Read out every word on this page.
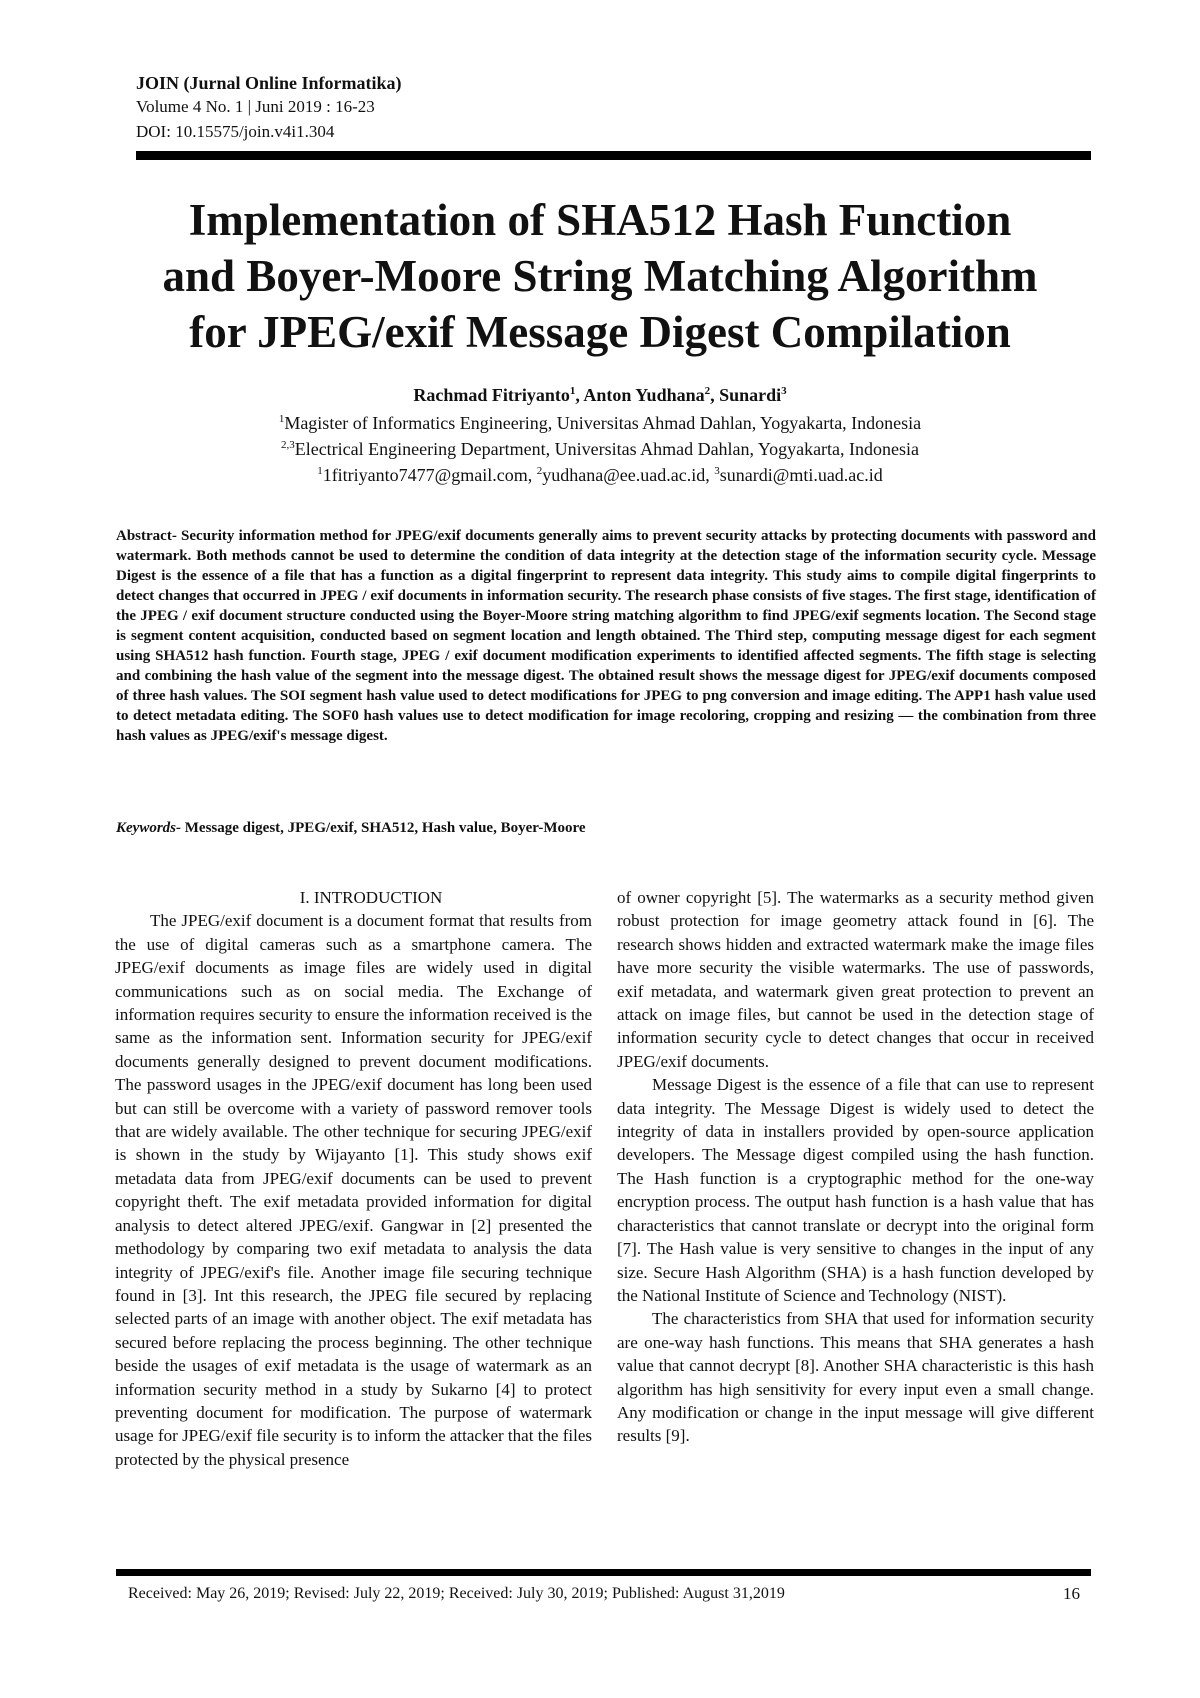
JOIN (Jurnal Online Informatika)
Volume 4 No. 1 | Juni 2019 : 16-23
DOI: 10.15575/join.v4i1.304
Implementation of SHA512 Hash Function
and Boyer-Moore String Matching Algorithm
for JPEG/exif Message Digest Compilation
Rachmad Fitriyanto$^1$, Anton Yudhana$^2$, Sunardi$^3$
$^1$Magister of Informatics Engineering, Universitas Ahmad Dahlan, Yogyakarta, Indonesia
$^{2,3}$Electrical Engineering Department, Universitas Ahmad Dahlan, Yogyakarta, Indonesia
$^1$1fitriyanto7477@gmail.com, $^2$yudhana@ee.uad.ac.id, $^3$sunardi@mti.uad.ac.id
Abstract- Security information method for JPEG/exif documents generally aims to prevent security attacks by protecting documents with password and watermark. Both methods cannot be used to determine the condition of data integrity at the detection stage of the information security cycle. Message Digest is the essence of a file that has a function as a digital fingerprint to represent data integrity. This study aims to compile digital fingerprints to detect changes that occurred in JPEG / exif documents in information security. The research phase consists of five stages. The first stage, identification of the JPEG / exif document structure conducted using the Boyer-Moore string matching algorithm to find JPEG/exif segments location. The Second stage is segment content acquisition, conducted based on segment location and length obtained. The Third step, computing message digest for each segment using SHA512 hash function. Fourth stage, JPEG / exif document modification experiments to identified affected segments. The fifth stage is selecting and combining the hash value of the segment into the message digest. The obtained result shows the message digest for JPEG/exif documents composed of three hash values. The SOI segment hash value used to detect modifications for JPEG to png conversion and image editing. The APP1 hash value used to detect metadata editing. The SOF0 hash values use to detect modification for image recoloring, cropping and resizing — the combination from three hash values as JPEG/exif's message digest.
Keywords- Message digest, JPEG/exif, SHA512, Hash value, Boyer-Moore

I. INTRODUCTION

The JPEG/exif document is a document format that results from the use of digital cameras such as a smartphone camera. The JPEG/exif documents as image files are widely used in digital communications such as on social media. The Exchange of information requires security to ensure the information received is the same as the information sent. Information security for JPEG/exif documents generally designed to prevent document modifications. The password usages in the JPEG/exif document has long been used but can still be overcome with a variety of password remover tools that are widely available. The other technique for securing JPEG/exif is shown in the study by Wijayanto [1]. This study shows exif metadata data from JPEG/exif documents can be used to prevent copyright theft. The exif metadata provided information for digital analysis to detect altered JPEG/exif. Gangwar in [2] presented the methodology by comparing two exif metadata to analysis the data integrity of JPEG/exif's file. Another image file securing technique found in [3]. Int this research, the JPEG file secured by replacing selected parts of an image with another object. The exif metadata has secured before replacing the process beginning. The other technique beside the usages of exif metadata is the usage of watermark as an information security method in a study by Sukarno [4] to protect preventing document for modification. The purpose of watermark usage for JPEG/exif file security is to inform the attacker that the files protected by the physical presence

of owner copyright [5]. The watermarks as a security method given robust protection for image geometry attack found in [6]. The research shows hidden and extracted watermark make the image files have more security the visible watermarks. The use of passwords, exif metadata, and watermark given great protection to prevent an attack on image files, but cannot be used in the detection stage of information security cycle to detect changes that occur in received JPEG/exif documents.

Message Digest is the essence of a file that can use to represent data integrity. The Message Digest is widely used to detect the integrity of data in installers provided by open-source application developers. The Message digest compiled using the hash function. The Hash function is a cryptographic method for the one-way encryption process. The output hash function is a hash value that has characteristics that cannot translate or decrypt into the original form [7]. The Hash value is very sensitive to changes in the input of any size. Secure Hash Algorithm (SHA) is a hash function developed by the National Institute of Science and Technology (NIST).

The characteristics from SHA that used for information security are one-way hash functions. This means that SHA generates a hash value that cannot decrypt [8]. Another SHA characteristic is this hash algorithm has high sensitivity for every input even a small change. Any modification or change in the input message will give different results [9].

Received: May 26, 2019; Revised: July 22, 2019; Received: July 30, 2019; Published: August 31,2019	16
